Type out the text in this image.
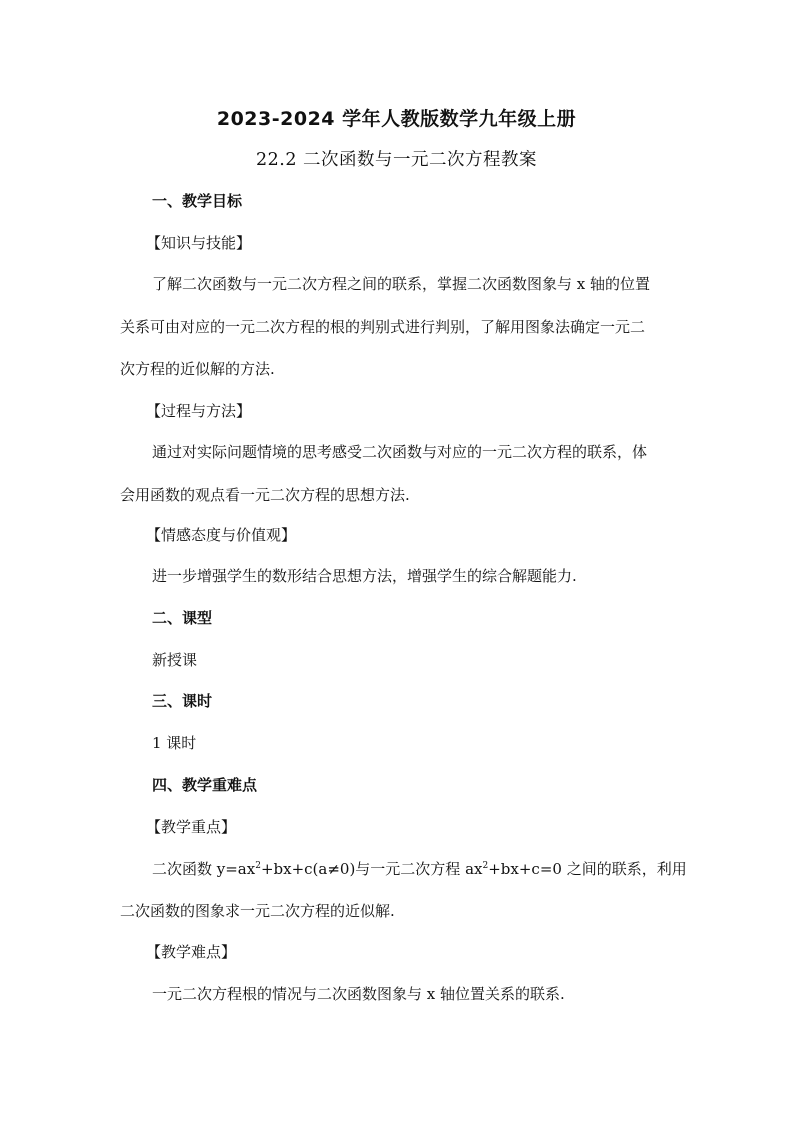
2023-2024 学年人教版数学九年级上册
22.2 二次函数与一元二次方程教案
一、教学目标
【知识与技能】
了解二次函数与一元二次方程之间的联系，掌握二次函数图象与 x 轴的位置
关系可由对应的一元二次方程的根的判别式进行判别，了解用图象法确定一元二
次方程的近似解的方法.
【过程与方法】
通过对实际问题情境的思考感受二次函数与对应的一元二次方程的联系，体
会用函数的观点看一元二次方程的思想方法.
【情感态度与价值观】
进一步增强学生的数形结合思想方法，增强学生的综合解题能力.
二、课型
新授课
三、课时
1 课时
四、教学重难点
【教学重点】
二次函数 $y=ax^2+bx+c(a\ne 0)$与一元二次方程 $ax^2+bx+c=0$ 之间的联系，利用
二次函数的图象求一元二次方程的近似解.
【教学难点】
一元二次方程根的情况与二次函数图象与 x 轴位置关系的联系.
